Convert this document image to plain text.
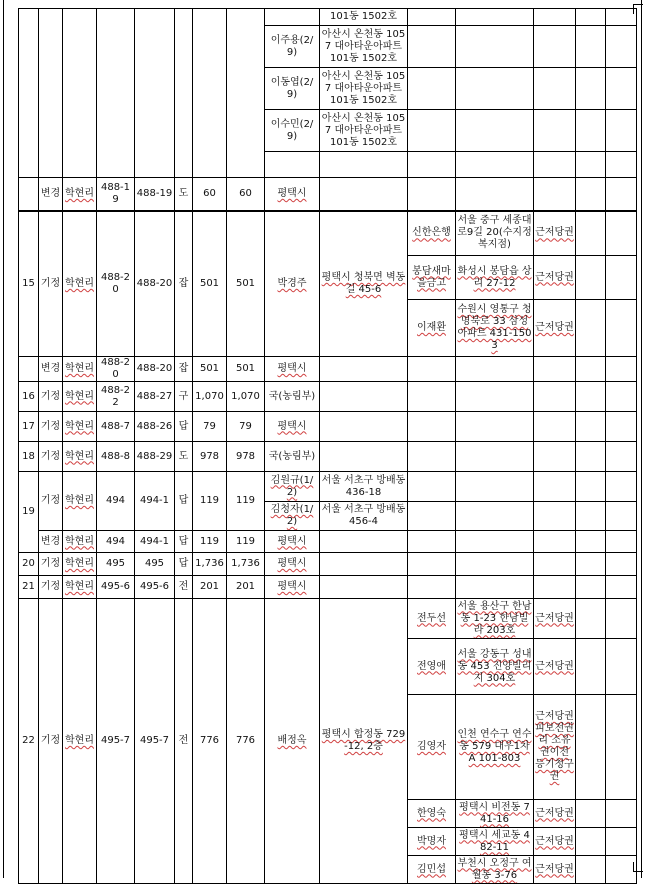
									101동 1502호					
								이주용(2/9)	아산시 온천동 1057 대아타운아파트 101동 1502호					
								이동엽(2/9)	아산시 온천동 1057 대아타운아파트 101동 1502호					
								이수민(2/9)	아산시 온천동 1057 대아타운아파트 101동 1502호					

	변경	학현리	488-19	488-19	도	60	60	평택시						
15	기정	학현리	488-20	488-20	잡	501	501	박경주	평택시 청북면 벽동길 45-6	신한은행	서울 중구 세종대로9길 20(수지정복지점)	근저당권		
										봉담새마을금고	화성시 봉담읍 상리 27-12	근저당권		
										이재환	수원시 영통구 청명북로 33 삼성아파트 431-1503	근저당권		
	변경	학현리	488-20	488-20	잡	501	501	평택시						
16	기정	학현리	488-22	488-27	구	1,070	1,070	국(농림부)						
17	기정	학현리	488-7	488-26	답	79	79	평택시						
18	기정	학현리	488-8	488-29	도	978	978	국(농림부)						
19	기정	학현리	494	494-1	답	119	119	김원규(1/2)	서울 서초구 방배동 436-18					
								김청자(1/2)	서울 서초구 방배동 456-4					
	변경	학현리	494	494-1	답	119	119	평택시						
20	기정	학현리	495	495	답	1,736	1,736	평택시						
21	기정	학현리	495-6	495-6	전	201	201	평택시						
22	기정	학현리	495-7	495-7	전	776	776	배정옥	평택시 합정동 729-12, 2층	전두선	서울 용산구 한남동 1-23 한남빌라 203호	근저당권		
										전영애	서울 강동구 성내동 453 진양빌리지 304호	근저당권		
										김영자	인천 연수구 연수동 579 대우1차A 101-803	근저당권 피보전권리 소유권이전 등기청구권		
										한영숙	평택시 비전동 741-16	근저당권		
										박명자	평택시 세교동 482-11	근저당권		
										김민섭	부천시 오정구 여월동 3-76	근저당권		
